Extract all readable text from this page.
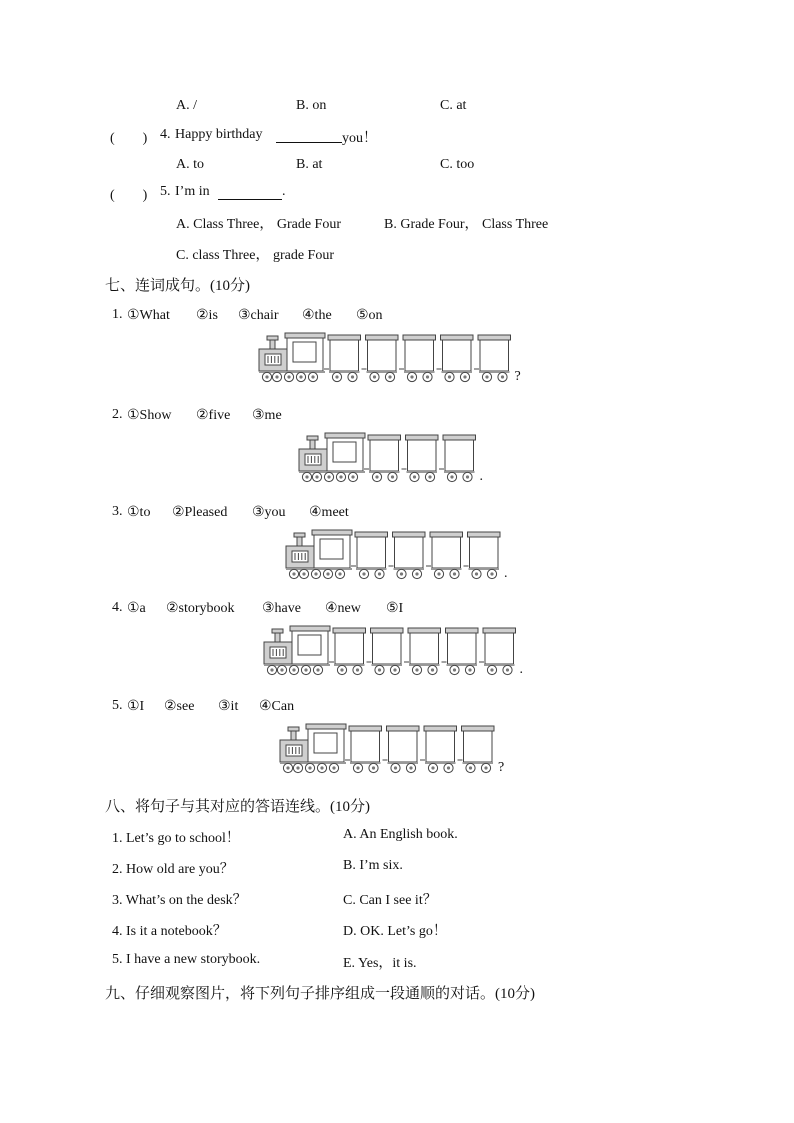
A. /	B. on	C. at
(　　) 4. Happy birthday	you！
A. to	B. at	C. too
(　　) 5. I’m in	.
A. Class Three， Grade Four	B. Grade Four， Class Three
C. class Three， grade Four
七、连词成句。(10分)
1. ①What ②is ③chair ④the ⑤on
?
2. ①Show ②five ③me
.
3. ①to ②Pleased ③you ④meet
.
4. ①a ②storybook ③have ④new ⑤I
.
5. ①I ②see ③it ④Can
?
八、将句子与其对应的答语连线。(10分)
1. Let’s go to school！
2. How old are you？
3. What’s on the desk？
4. Is it a notebook？
5. I have a new storybook.
A. An English book.
B. I’m six.
C. Can I see it？
D. OK. Let’s go！
E. Yes，it is.
九、仔细观察图片，将下列句子排序组成一段通顺的对话。(10分)
